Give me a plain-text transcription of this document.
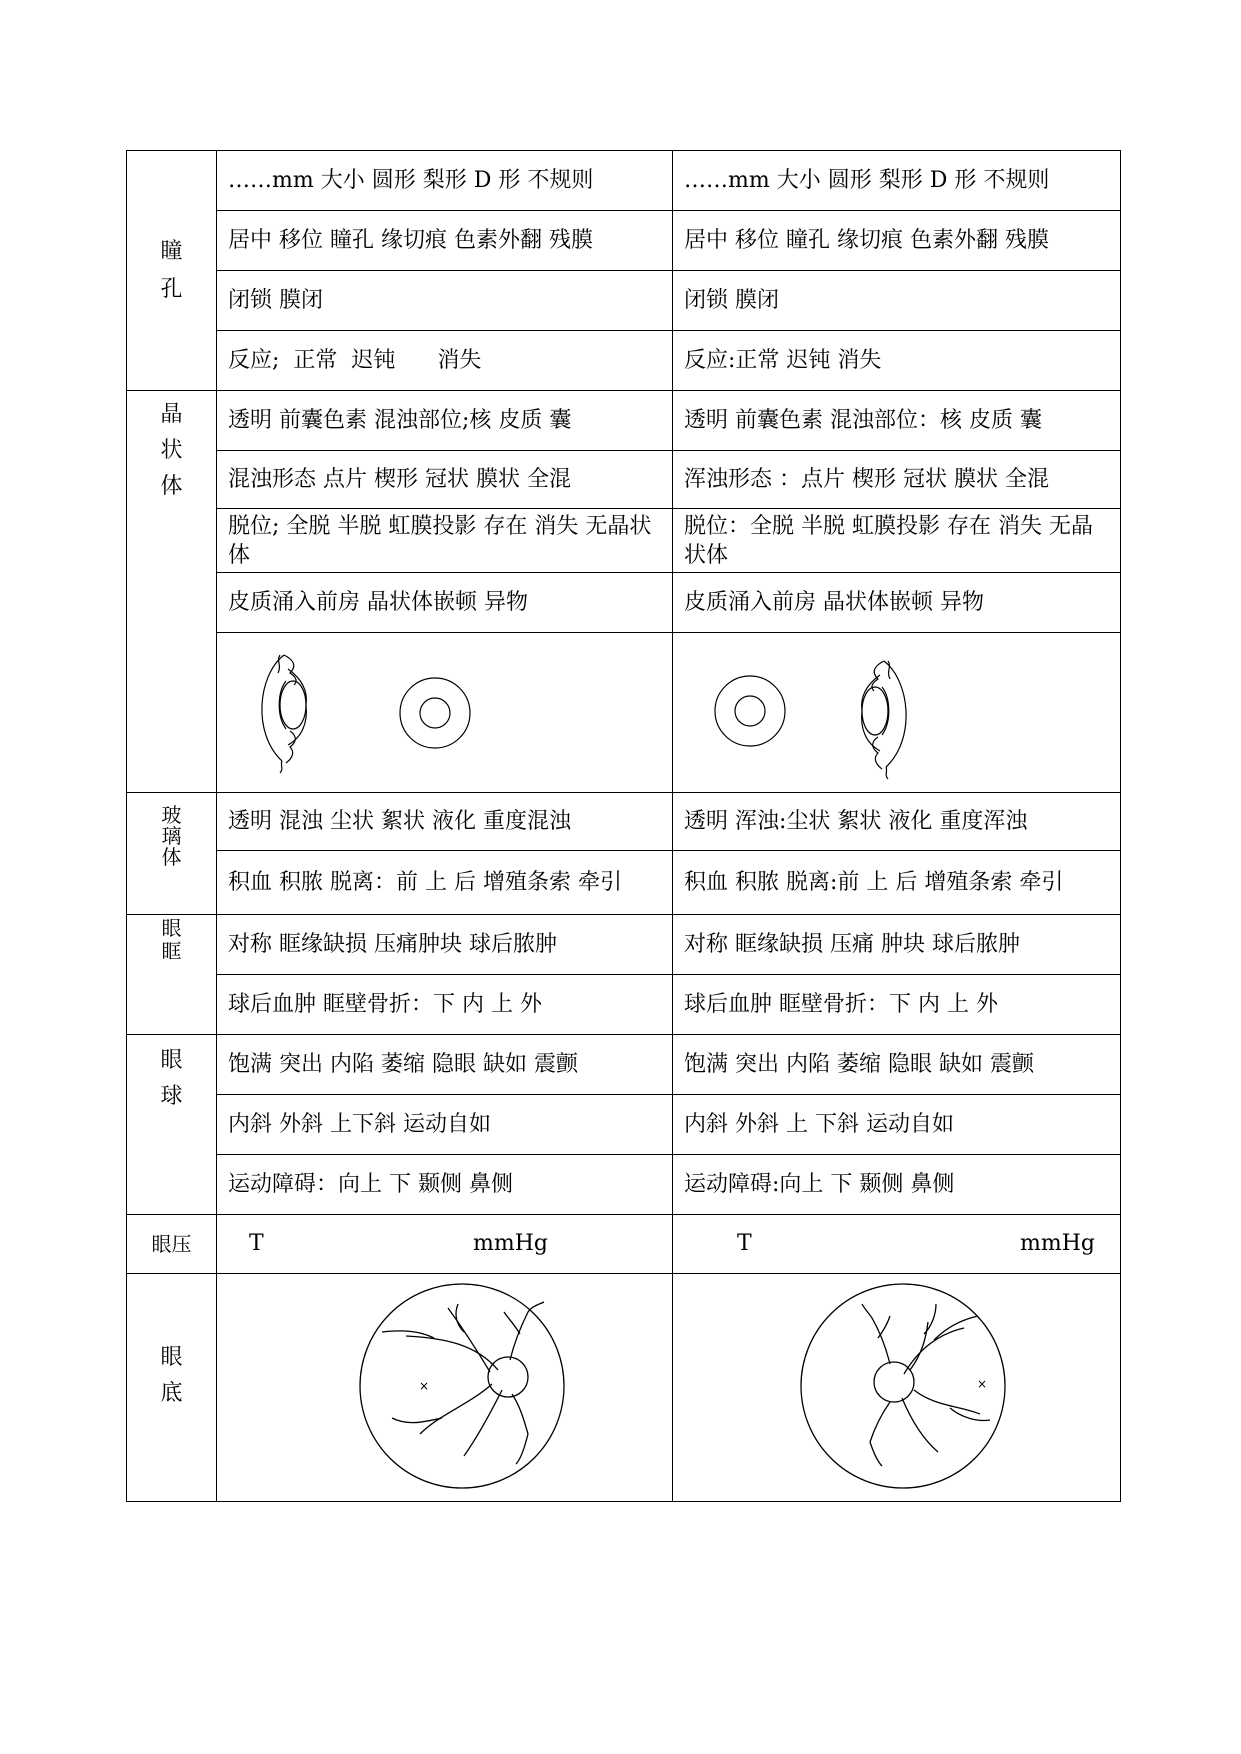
瞳孔	……mm 大小 圆形 梨形 D 形 不规则	……mm 大小 圆形 梨形 D 形 不规则
	居中 移位 瞳孔 缘切痕 色素外翻 残膜	居中 移位 瞳孔 缘切痕 色素外翻 残膜
	闭锁 膜闭	闭锁 膜闭
	反应;  正常  迟钝      消失	反应:正常 迟钝 消失

晶状体	透明 前囊色素 混浊部位;核 皮质 囊	透明 前囊色素 混浊部位：核 皮质 囊
	混浊形态 点片 楔形 冠状 膜状 全混	浑浊形态 ：点片 楔形 冠状 膜状 全混
	脱位; 全脱 半脱 虹膜投影 存在 消失 无晶状体	脱位：全脱 半脱 虹膜投影 存在 消失 无晶状体
	皮质涌入前房 晶状体嵌顿 异物	皮质涌入前房 晶状体嵌顿 异物

玻璃体	透明 混浊 尘状 絮状 液化 重度混浊	透明 浑浊:尘状 絮状 液化 重度浑浊
	积血 积脓 脱离：前 上 后 增殖条索 牵引	积血 积脓 脱离:前 上 后 增殖条索 牵引

眼眶	对称 眶缘缺损 压痛肿块 球后脓肿	对称 眶缘缺损 压痛 肿块 球后脓肿
	球后血肿 眶壁骨折：下 内 上 外	球后血肿 眶壁骨折：下 内 上 外

眼球	饱满 突出 内陷 萎缩 隐眼 缺如 震颤	饱满 突出 内陷 萎缩 隐眼 缺如 震颤
	内斜 外斜 上下斜 运动自如	内斜 外斜 上 下斜 运动自如
	运动障碍：向上 下 颞侧 鼻侧	运动障碍:向上 下 颞侧 鼻侧

眼压	T mmHg	T mmHg

眼底	×	×
